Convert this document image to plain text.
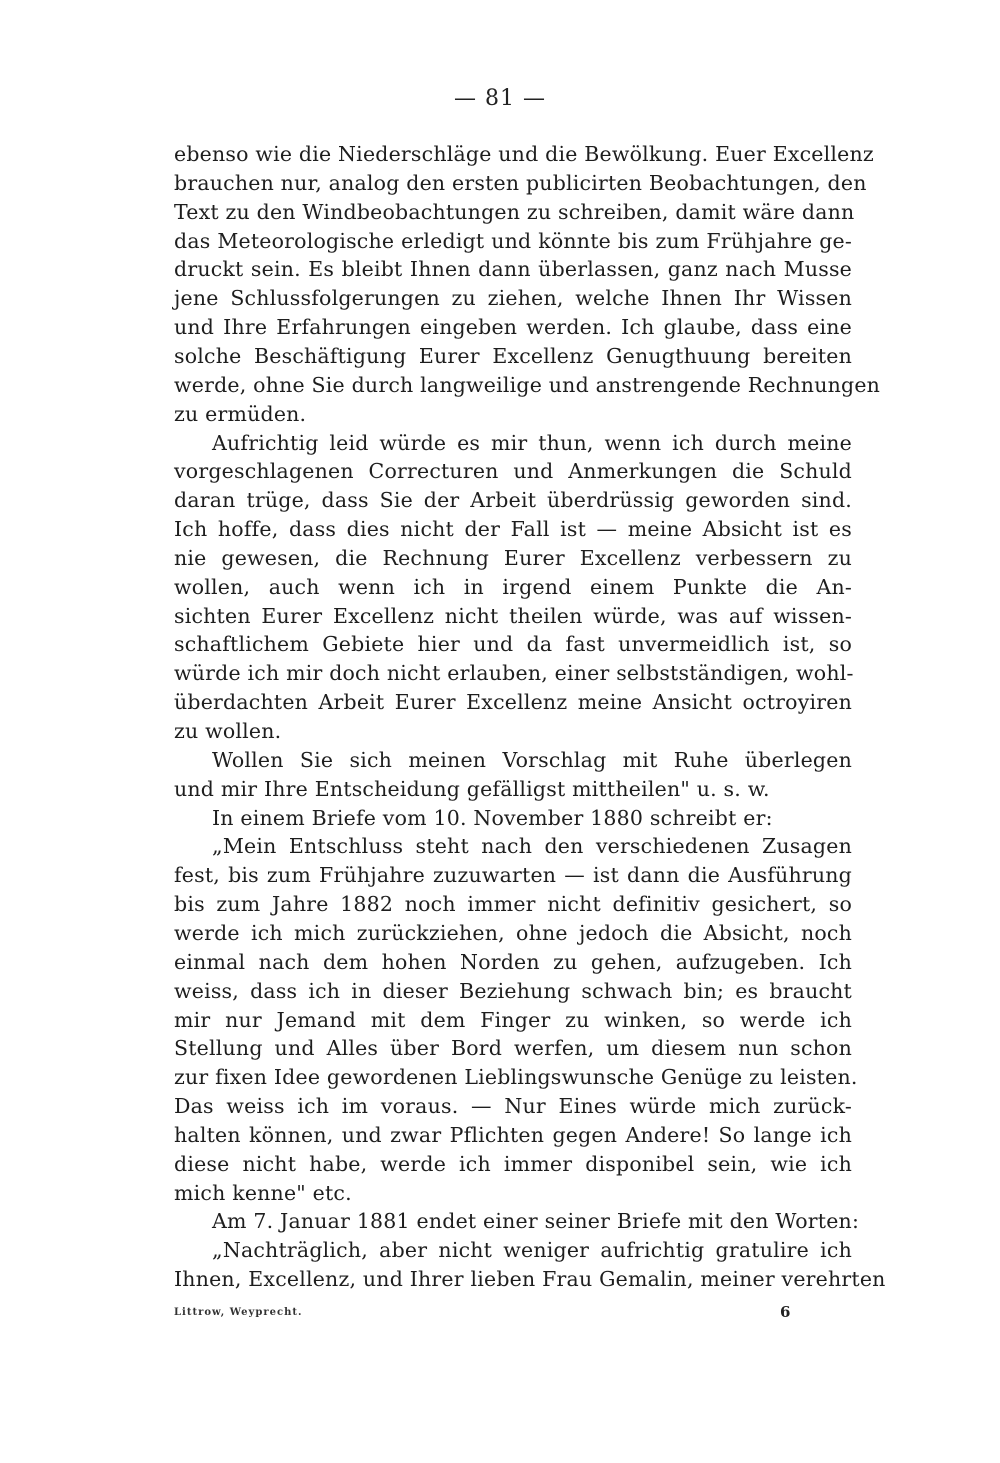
— 81 —
ebenso wie die Niederschläge und die Bewölkung. Euer Excellenz
brauchen nur, analog den ersten publicirten Beobachtungen, den
Text zu den Windbeobachtungen zu schreiben, damit wäre dann
das Meteorologische erledigt und könnte bis zum Frühjahre ge-
druckt sein. Es bleibt Ihnen dann überlassen, ganz nach Musse
jene Schlussfolgerungen zu ziehen, welche Ihnen Ihr Wissen
und Ihre Erfahrungen eingeben werden. Ich glaube, dass eine
solche Beschäftigung Eurer Excellenz Genugthuung bereiten
werde, ohne Sie durch langweilige und anstrengende Rechnungen
zu ermüden.
Aufrichtig leid würde es mir thun, wenn ich durch meine
vorgeschlagenen Correcturen und Anmerkungen die Schuld
daran trüge, dass Sie der Arbeit überdrüssig geworden sind.
Ich hoffe, dass dies nicht der Fall ist — meine Absicht ist es
nie gewesen, die Rechnung Eurer Excellenz verbessern zu
wollen, auch wenn ich in irgend einem Punkte die An-
sichten Eurer Excellenz nicht theilen würde, was auf wissen-
schaftlichem Gebiete hier und da fast unvermeidlich ist, so
würde ich mir doch nicht erlauben, einer selbstständigen, wohl-
überdachten Arbeit Eurer Excellenz meine Ansicht octroyiren
zu wollen.
Wollen Sie sich meinen Vorschlag mit Ruhe überlegen
und mir Ihre Entscheidung gefälligst mittheilen" u. s. w.
In einem Briefe vom 10. November 1880 schreibt er:
„Mein Entschluss steht nach den verschiedenen Zusagen
fest, bis zum Frühjahre zuzuwarten — ist dann die Ausführung
bis zum Jahre 1882 noch immer nicht definitiv gesichert, so
werde ich mich zurückziehen, ohne jedoch die Absicht, noch
einmal nach dem hohen Norden zu gehen, aufzugeben. Ich
weiss, dass ich in dieser Beziehung schwach bin; es braucht
mir nur Jemand mit dem Finger zu winken, so werde ich
Stellung und Alles über Bord werfen, um diesem nun schon
zur fixen Idee gewordenen Lieblingswunsche Genüge zu leisten.
Das weiss ich im voraus. — Nur Eines würde mich zurück-
halten können, und zwar Pflichten gegen Andere! So lange ich
diese nicht habe, werde ich immer disponibel sein, wie ich
mich kenne" etc.
Am 7. Januar 1881 endet einer seiner Briefe mit den Worten:
„Nachträglich, aber nicht weniger aufrichtig gratulire ich
Ihnen, Excellenz, und Ihrer lieben Frau Gemalin, meiner verehrten
Littrow, Weyprecht.	6
